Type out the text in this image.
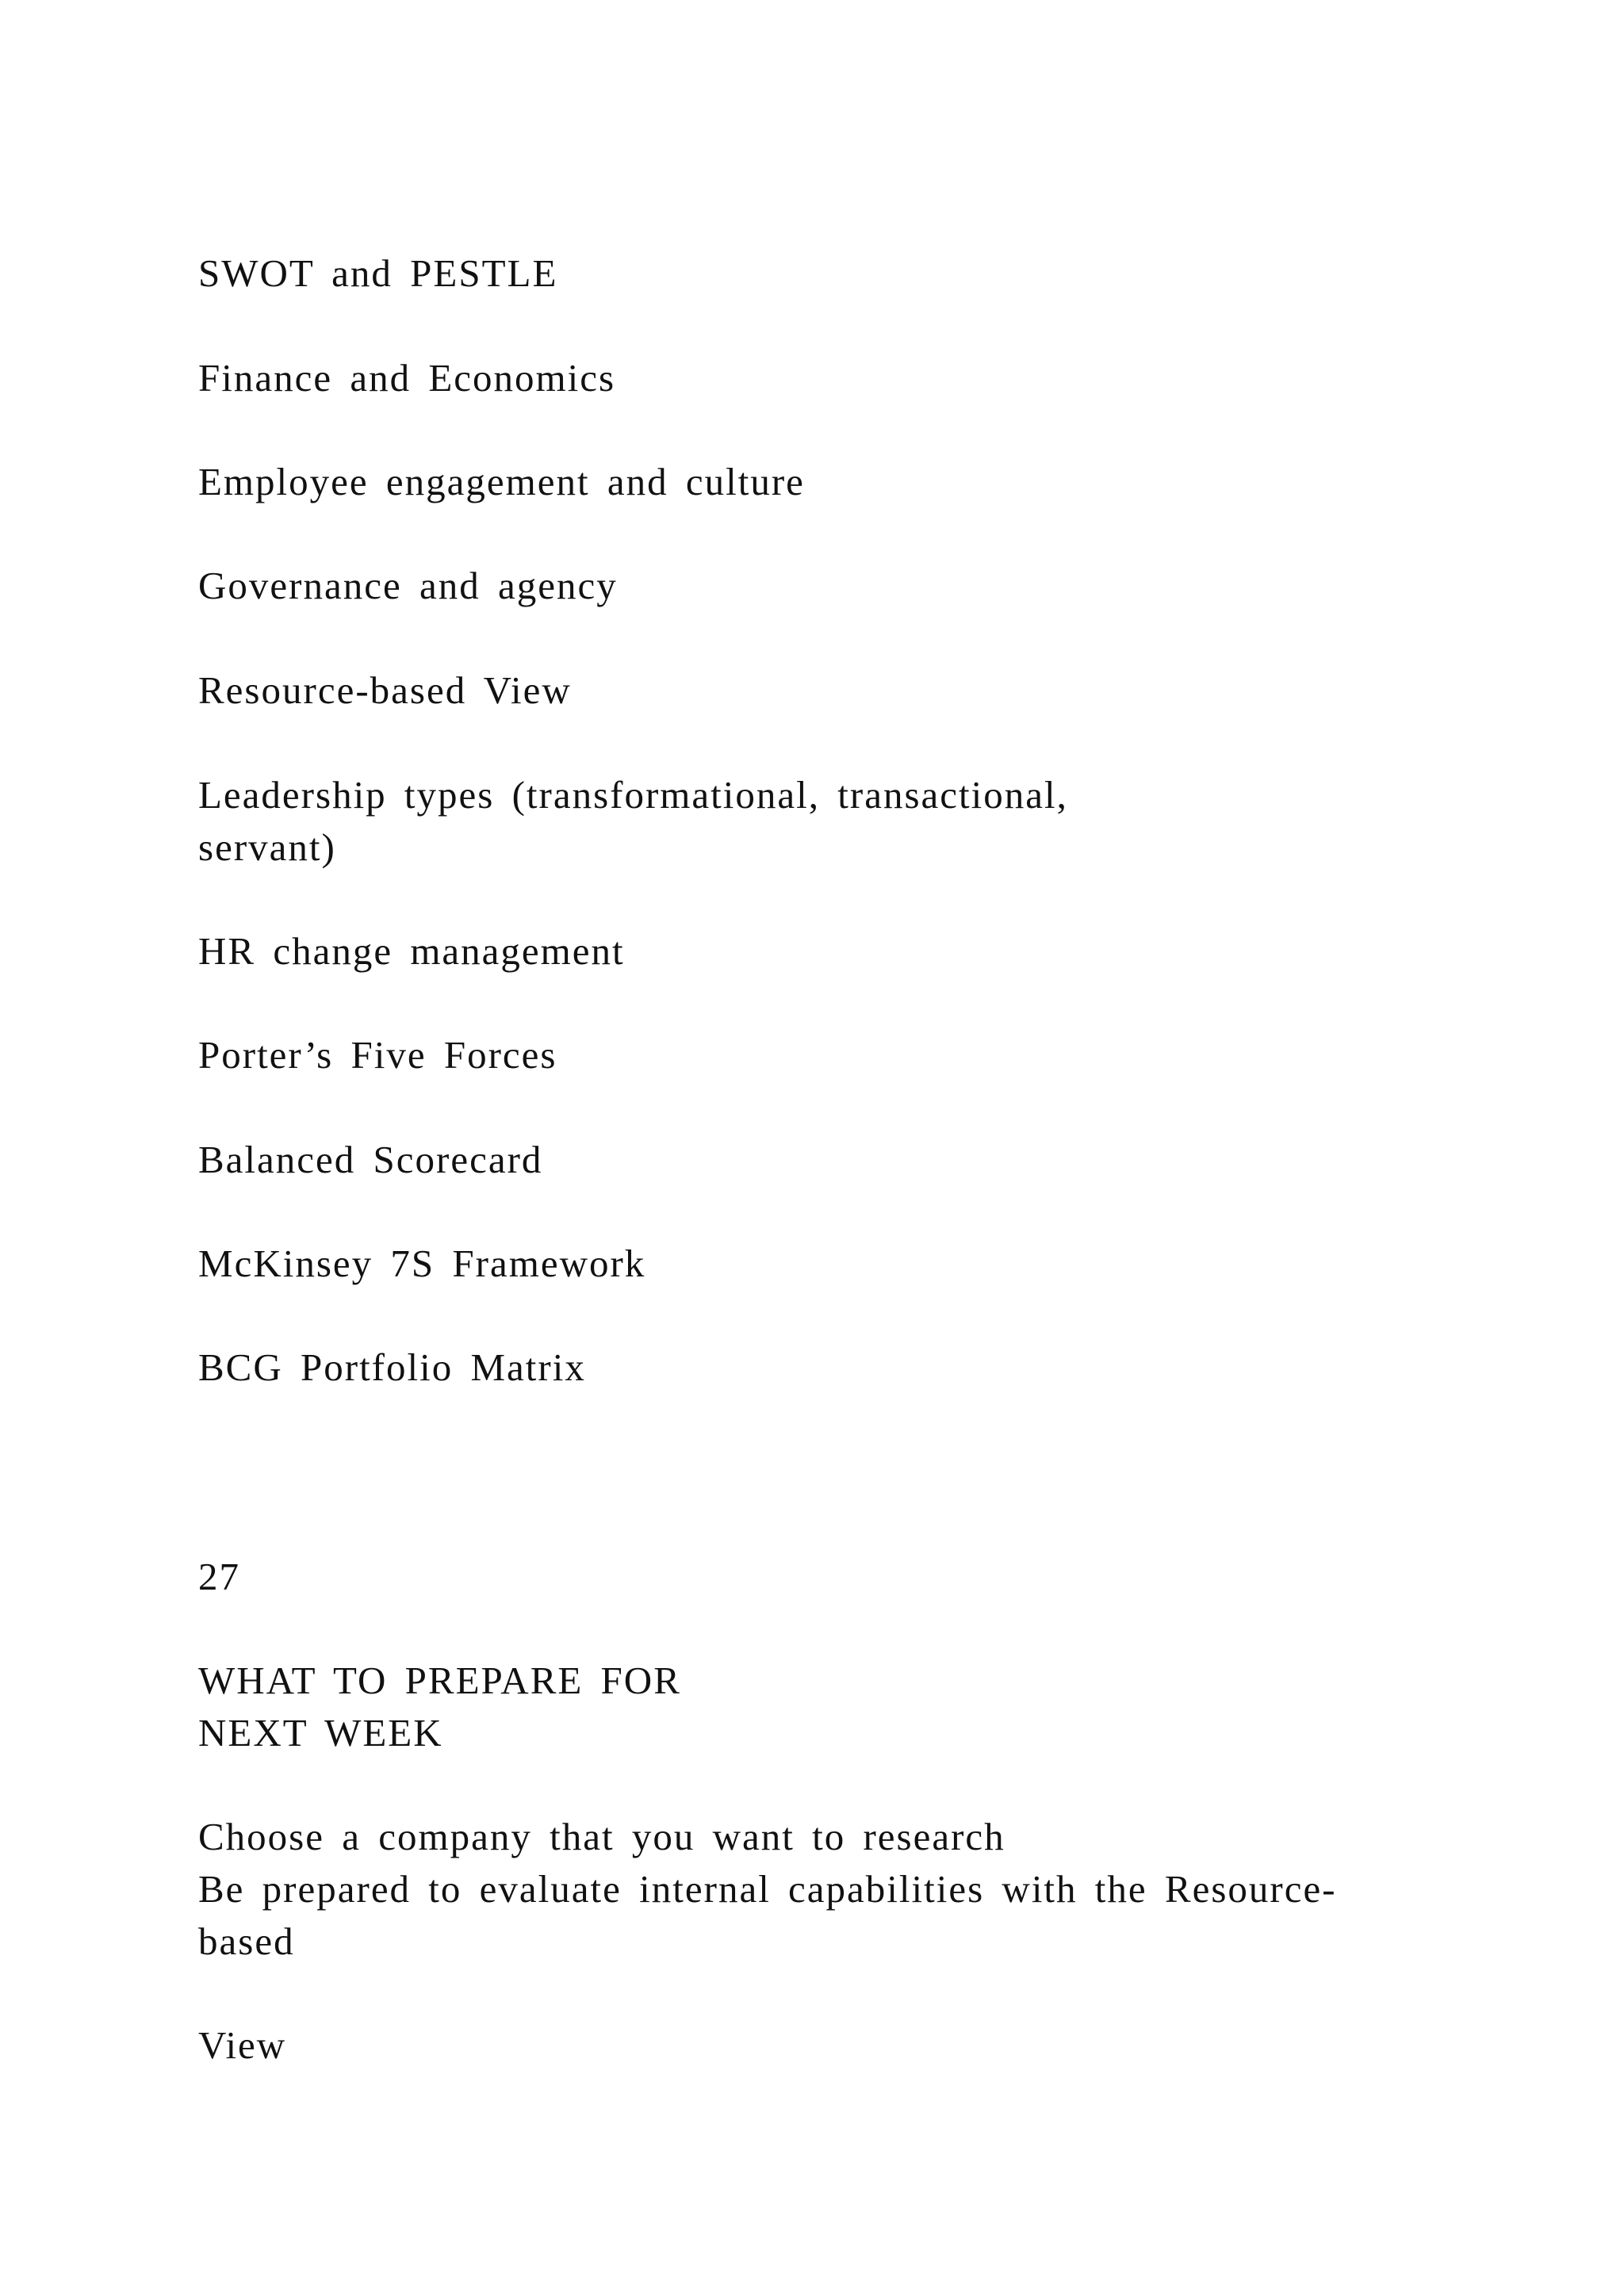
SWOT and PESTLE

Finance and Economics

Employee engagement and culture

Governance and agency

Resource-based View

Leadership types (transformational, transactional,
servant)

HR change management

Porter’s Five Forces

Balanced Scorecard

McKinsey 7S Framework

BCG Portfolio Matrix

27

WHAT TO PREPARE FOR
NEXT WEEK

Choose a company that you want to research

Be prepared to evaluate internal capabilities with the Resource-
based

View
